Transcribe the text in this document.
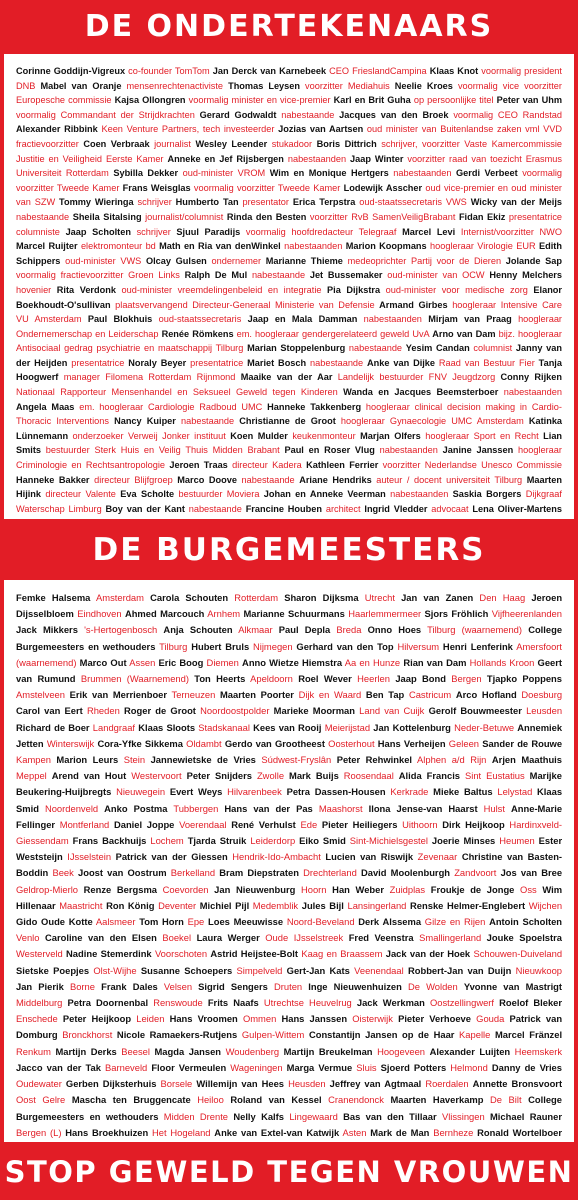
DE ONDERTEKENAARS
Corinne Goddijn-Vigreux co-founder TomTom Jan Derck van Karnebeek CEO FrieslandCampina Klaas Knot voormalig president DNB Mabel van Oranje mensenrechtenactiviste Thomas Leysen voorzitter Mediahuis Neelie Kroes voormalig vice voorzitter Europesche commissie Kajsa Ollongren voormalig minister en vice-premier Karl en Brit Guha op persoonlijke titel Peter van Uhm voormalig Commandant der Strijdkrachten Gerard Godwaldt nabestaande Jacques van den Broek voormalig CEO Randstad Alexander Ribbink Keen Venture Partners, tech investeerder Jozias van Aartsen oud minister van Buitenlandse zaken vml VVD fractievoorzitter Coen Verbraak journalist Wesley Leender stukadoor Boris Dittrich schrijver, voorzitter Vaste Kamercommissie Justitie en Veiligheid Eerste Kamer Anneke en Jef Rijsbergen nabestaanden Jaap Winter voorzitter raad van toezicht Erasmus Universiteit Rotterdam Sybilla Dekker oud-minister VROM Wim en Monique Hertgers nabestaanden Gerdi Verbeet voormalig voorzitter Tweede Kamer Frans Weisglas voormalig voorzitter Tweede Kamer Lodewijk Asscher oud vice-premier en oud minister van SZW Tommy Wieringa schrijver Humberto Tan presentator Erica Terpstra oud-staatssecretaris VWS Wicky van der Meijs nabestaande Sheila Sitalsing journalist/columnist Rinda den Besten voorzitter RvB SamenVeiligBrabant Fidan Ekiz presentatrice columniste Jaap Scholten schrijver Sjuul Paradijs voormalig hoofdredacteur Telegraaf Marcel Levi Internist/voorzitter NWO Marcel Ruijter elektromonteur bd Math en Ria van denWinkel nabestaanden Marion Koopmans hoogleraar Virologie EUR Edith Schippers oud-minister VWS Olcay Gulsen ondernemer Marianne Thieme medeoprichter Partij voor de Dieren Jolande Sap voormalig fractievoorzitter Groen Links Ralph De Mul nabestaande Jet Bussemaker oud-minister van OCW Henny Melchers hovenier Rita Verdonk oud-minister vreemdelingenbeleid en integratie Pia Dijkstra oud-minister voor medische zorg Elanor Boekhoudt-O'sullivan plaatsvervangend Directeur-Generaal Ministerie van Defensie Armand Girbes hoogleraar Intensive Care VU Amsterdam Paul Blokhuis oud-staatssecretaris Jaap en Mala Damman nabestaanden Mirjam van Praag hoogleraar Ondernemerschap en Leiderschap Renée Römkens em. hoogleraar gendergerelateerd geweld UvA Arno van Dam bijz. hoogleraar Antisociaal gedrag psychiatrie en maatschappij Tilburg Marian Stoppelenburg nabestaande Yesim Candan columnist Janny van der Heijden presentatrice Noraly Beyer presentatrice Mariet Bosch nabestaande Anke van Dijke Raad van Bestuur Fier Tanja Hoogwerf manager Filomena Rotterdam Rijnmond Maaike van der Aar Landelijk bestuurder FNV Jeugdzorg Conny Rijken Nationaal Rapporteur Mensenhandel en Seksueel Geweld tegen Kinderen Wanda en Jacques Beemsterboer nabestaanden Angela Maas em. hoogleraar Cardiologie Radboud UMC Hanneke Takkenberg hoogleraar clinical decision making in Cardio-Thoracic Interventions Nancy Kuiper nabestaande Christianne de Groot hoogleraar Gynaecologie UMC Amsterdam Katinka Lünnemann onderzoeker Verweij Jonker instituut Koen Mulder keukenmonteur Marjan Olfers hoogleraar Sport en Recht Lian Smits bestuurder Sterk Huis en Veilig Thuis Midden Brabant Paul en Roser Vlug nabestaanden Janine Janssen hoogleraar Criminologie en Rechtsantropologie Jeroen Traas directeur Kadera Kathleen Ferrier voorzitter Nederlandse Unesco Commissie Hanneke Bakker directeur Blijfgroep Marco Doove nabestaande Ariane Hendriks auteur / docent universiteit Tilburg Maarten Hijink directeur Valente Eva Scholte bestuurder Moviera Johan en Anneke Veerman nabestaanden Saskia Borgers Dijkgraaf Waterschap Limburg Boy van der Kant nabestaande Francine Houben architect Ingrid Vledder advocaat Lena Oliver-Martens
DE BURGEMEESTERS
Femke Halsema Amsterdam Carola Schouten Rotterdam Sharon Dijksma Utrecht Jan van Zanen Den Haag Jeroen Dijsselbloem Eindhoven Ahmed Marcouch Arnhem Marianne Schuurmans Haarlemmermeer Sjors Fröhlich Vijfheerenlanden Jack Mikkers 's-Hertogenbosch Anja Schouten Alkmaar Paul Depla Breda Onno Hoes Tilburg (waarnemend) College Burgemeesters en wethouders Tilburg Hubert Bruls Nijmegen Gerhard van den Top Hilversum Henri Lenferink Amersfoort (waarnemend) Marco Out Assen Eric Boog Diemen Anno Wietze Hiemstra Aa en Hunze Rian van Dam Hollands Kroon Geert van Rumund Brummen (Waarnemend) Ton Heerts Apeldoorn Roel Wever Heerlen Jaap Bond Bergen Tjapko Poppens Amstelveen Erik van Merrienboer Terneuzen Maarten Poorter Dijk en Waard Ben Tap Castricum Arco Hofland Doesburg Carol van Eert Rheden Roger de Groot Noordoostpolder Marieke Moorman Land van Cuijk Gerolf Bouwmeester Leusden Richard de Boer Landgraaf Klaas Sloots Stadskanaal Kees van Rooij Meierijstad Jan Kottelenburg Neder-Betuwe Annemiek Jetten Winterswijk Cora-Yfke Sikkema Oldambt Gerdo van Grootheest Oosterhout Hans Verheijen Geleen Sander de Rouwe Kampen Marion Leurs Stein Jannewietske de Vries Súdwest-Fryslân Peter Rehwinkel Alphen a/d Rijn Arjen Maathuis Meppel Arend van Hout Westervoort Peter Snijders Zwolle Mark Buijs Roosendaal Alida Francis Sint Eustatius Marijke Beukering-Huijbregts Nieuwegein Evert Weys Hilvarenbeek Petra Dassen-Housen Kerkrade Mieke Baltus Lelystad Klaas Smid Noordenveld Anko Postma Tubbergen Hans van der Pas Maashorst Ilona Jense-van Haarst Hulst Anne-Marie Fellinger Montferland Daniel Joppe Voerendaal René Verhulst Ede Pieter Heiliegers Uithoorn Dirk Heijkoop Hardinxveld-Giessendam Frans Backhuijs Lochem Tjarda Struik Leiderdorp Eiko Smid Sint-Michielsgestel Joerie Minses Heumen Ester Weststeijn IJsselstein Patrick van der Giessen Hendrik-Ido-Ambacht Lucien van Riswijk Zevenaar Christine van Basten-Boddin Beek Joost van Oostrum Berkelland Bram Diepstraten Drechterland David Moolenburgh Zandvoort Jos van Bree Geldrop-Mierlo Renze Bergsma Coevorden Jan Nieuwenburg Hoorn Han Weber Zuidplas Froukje de Jonge Oss Wim Hillenaar Maastricht Ron König Deventer Michiel Pijl Medemblik Jules Bijl Lansingerland Renske Helmer-Englebert Wijchen Gido Oude Kotte Aalsmeer Tom Horn Epe Loes Meeuwisse Noord-Beveland Derk Alssema Gilze en Rijen Antoin Scholten Venlo Caroline van den Elsen Boekel Laura Werger Oude IJsselstreek Fred Veenstra Smallingerland Jouke Spoelstra Westerveld Nadine Stemerdink Voorschoten Astrid Heijstee-Bolt Kaag en Braassem Jack van der Hoek Schouwen-Duiveland Sietske Poepjes Olst-Wijhe Susanne Schoepers Simpelveld Gert-Jan Kats Veenendaal Robbert-Jan van Duijn Nieuwkoop Jan Pierik Borne Frank Dales Velsen Sigrid Sengers Druten Inge Nieuwenhuizen De Wolden Yvonne van Mastrigt Middelburg Petra Doornenbal Renswoude Frits Naafs Utrechtse Heuvelrug Jack Werkman Oostzellingwerf Roelof Bleker Enschede Peter Heijkoop Leiden Hans Vroomen Ommen Hans Janssen Oisterwijk Pieter Verhoeve Gouda Patrick van Domburg Bronckhorst Nicole Ramaekers-Rutjens Gulpen-Wittem Constantijn Jansen op de Haar Kapelle Marcel Fränzel Renkum Martijn Derks Beesel Magda Jansen Woudenberg Martijn Breukelman Hoogeveen Alexander Luijten Heemskerk Jacco van der Tak Barneveld Floor Vermeulen Wageningen Marga Vermue Sluis Sjoerd Potters Helmond Danny de Vries Oudewater Gerben Dijksterhuis Borsele Willemijn van Hees Heusden Jeffrey van Agtmaal Roerdalen Annette Bronsvoort Oost Gelre Mascha ten Bruggencate Heiloo Roland van Kessel Cranendonck Maarten Haverkamp De Bilt College Burgemeesters en wethouders Midden Drente Nelly Kalfs Lingewaard Bas van den Tillaar Vlissingen Michael Rauner Bergen (L) Hans Broekhuizen Het Hogeland Anke van Extel-van Katwijk Asten Mark de Man Bernheze Ronald Wortelboer
STOP GEWELD TEGEN VROUWEN
